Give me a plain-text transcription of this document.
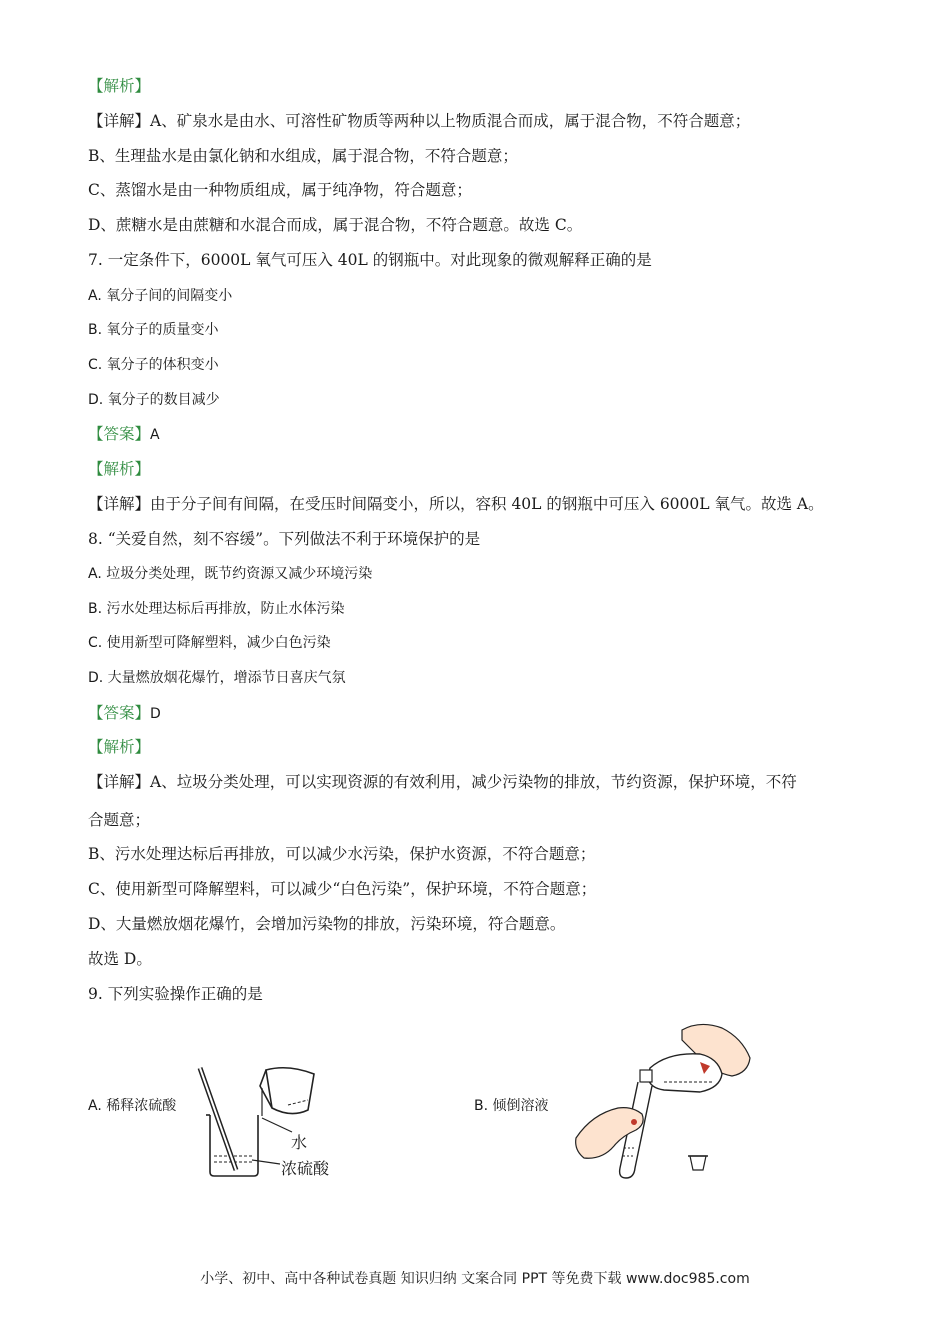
【解析】
【详解】A、矿泉水是由水、可溶性矿物质等两种以上物质混合而成，属于混合物，不符合题意；
B、生理盐水是由氯化钠和水组成，属于混合物，不符合题意；
C、蒸馏水是由一种物质组成，属于纯净物，符合题意；
D、蔗糖水是由蔗糖和水混合而成，属于混合物，不符合题意。故选 C。
7. 一定条件下，6000L 氧气可压入 40L 的钢瓶中。对此现象的微观解释正确的是
A. 氧分子间的间隔变小
B. 氧分子的质量变小
C. 氧分子的体积变小
D. 氧分子的数目减少
【答案】A
【解析】
【详解】由于分子间有间隔，在受压时间隔变小，所以，容积 40L 的钢瓶中可压入 6000L 氧气。故选 A。
8. “关爱自然，刻不容缓”。下列做法不利于环境保护的是
A. 垃圾分类处理，既节约资源又减少环境污染
B. 污水处理达标后再排放，防止水体污染
C. 使用新型可降解塑料，减少白色污染
D. 大量燃放烟花爆竹，增添节日喜庆气氛
【答案】D
【解析】
【详解】A、垃圾分类处理，可以实现资源的有效利用，减少污染物的排放，节约资源，保护环境，不符
合题意；
B、污水处理达标后再排放，可以减少水污染，保护水资源，不符合题意；
C、使用新型可降解塑料，可以减少“白色污染”，保护环境，不符合题意；
D、大量燃放烟花爆竹，会增加污染物的排放，污染环境，符合题意。
故选 D。
9. 下列实验操作正确的是
A. 稀释浓硫酸	B. 倾倒溶液
水
浓硫酸
小学、初中、高中各种试卷真题 知识归纳 文案合同 PPT 等免费下载 www.doc985.com
